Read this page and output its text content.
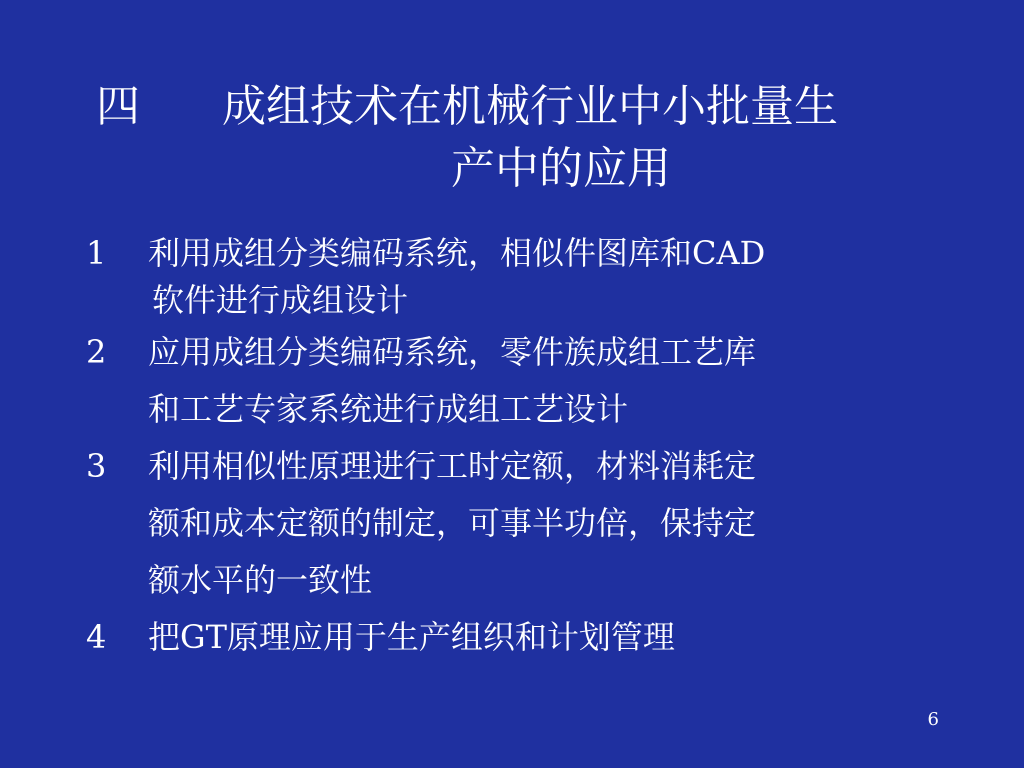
四	成组技术在机械行业中小批量生
产中的应用
1	利用成组分类编码系统，相似件图库和CAD
软件进行成组设计
2	应用成组分类编码系统，零件族成组工艺库
和工艺专家系统进行成组工艺设计
3	利用相似性原理进行工时定额，材料消耗定
额和成本定额的制定，可事半功倍，保持定
额水平的一致性
4	把GT原理应用于生产组织和计划管理
6
